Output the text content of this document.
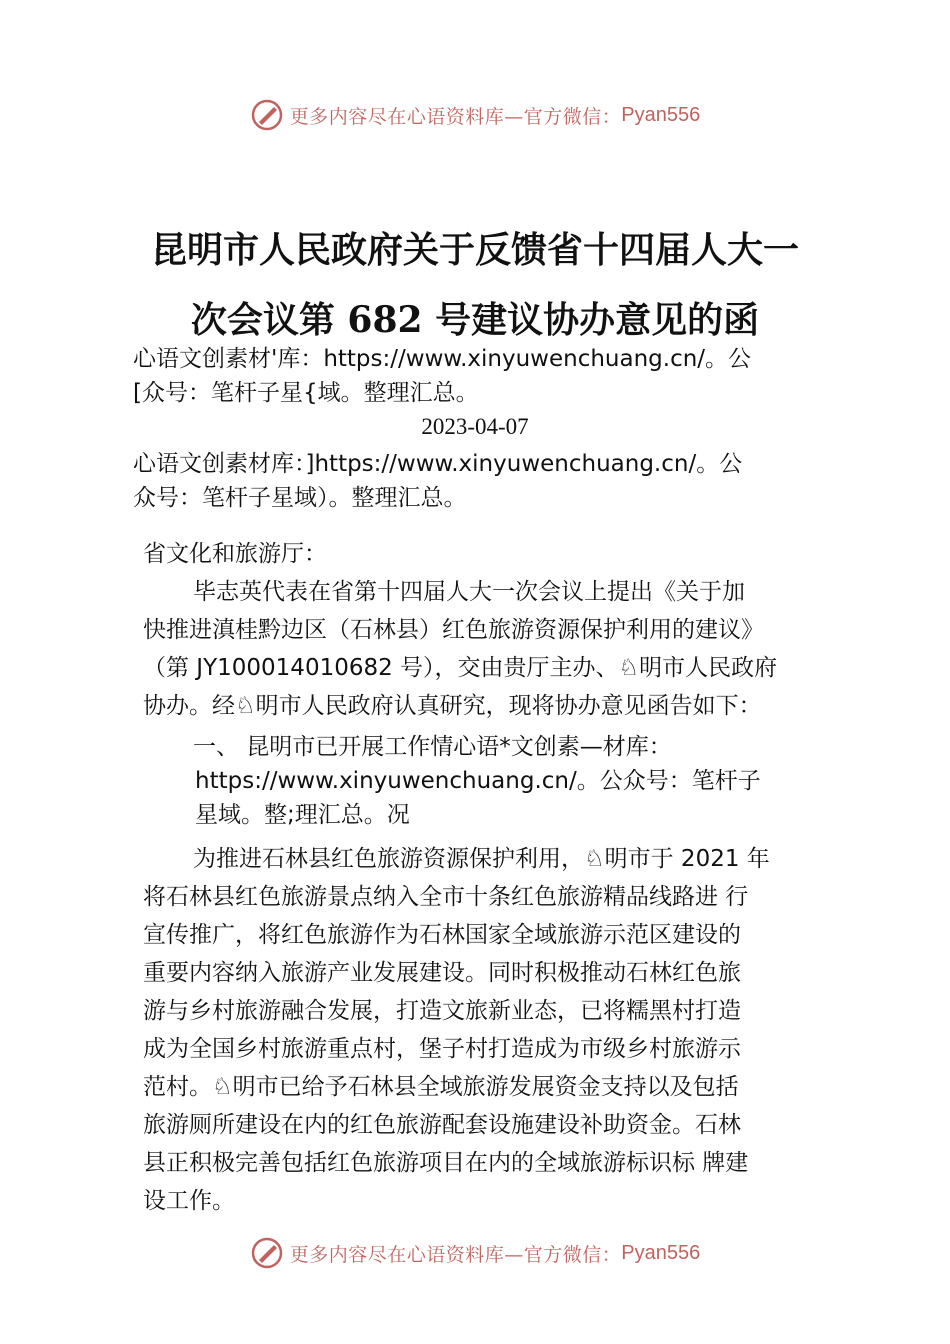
更多内容尽在心语资料库—官方微信： Pyan556
昆明市人民政府关于反馈省十四届人大一
次会议第 682 号建议协办意见的函
心语文创素材'库：https://www.xinyuwenchuang.cn/。公
[众号：笔杆子星{域。整理汇总。
2023-04-07
心语文创素材库：]https://www.xinyuwenchuang.cn/。公
众号：笔杆子星域）。整理汇总。
省文化和旅游厅：
毕志英代表在省第十四届人大一次会议上提出《关于加
快推进滇桂黔边区（石林县）红色旅游资源保护利用的建议》
（第 JY100014010682 号），交由贵厅主办、♘明市人民政府
协办。经♘明市人民政府认真研究，现将协办意见函告如下：
一、 昆明市已开展工作情心语*文创素—材库：
https://www.xinyuwenchuang.cn/。公众号：笔杆子
星域。整;理汇总。况
为推进石林县红色旅游资源保护利用，♘明市于 2021 年
将石林县红色旅游景点纳入全市十条红色旅游精品线路进 行
宣传推广，将红色旅游作为石林国家全域旅游示范区建设的
重要内容纳入旅游产业发展建设。同时积极推动石林红色旅
游与乡村旅游融合发展，打造文旅新业态，已将糯黑村打造
成为全国乡村旅游重点村，堡子村打造成为市级乡村旅游示
范村。♘明市已给予石林县全域旅游发展资金支持以及包括
旅游厕所建设在内的红色旅游配套设施建设补助资金。石林
县正积极完善包括红色旅游项目在内的全域旅游标识标 牌建
设工作。
更多内容尽在心语资料库—官方微信： Pyan556
